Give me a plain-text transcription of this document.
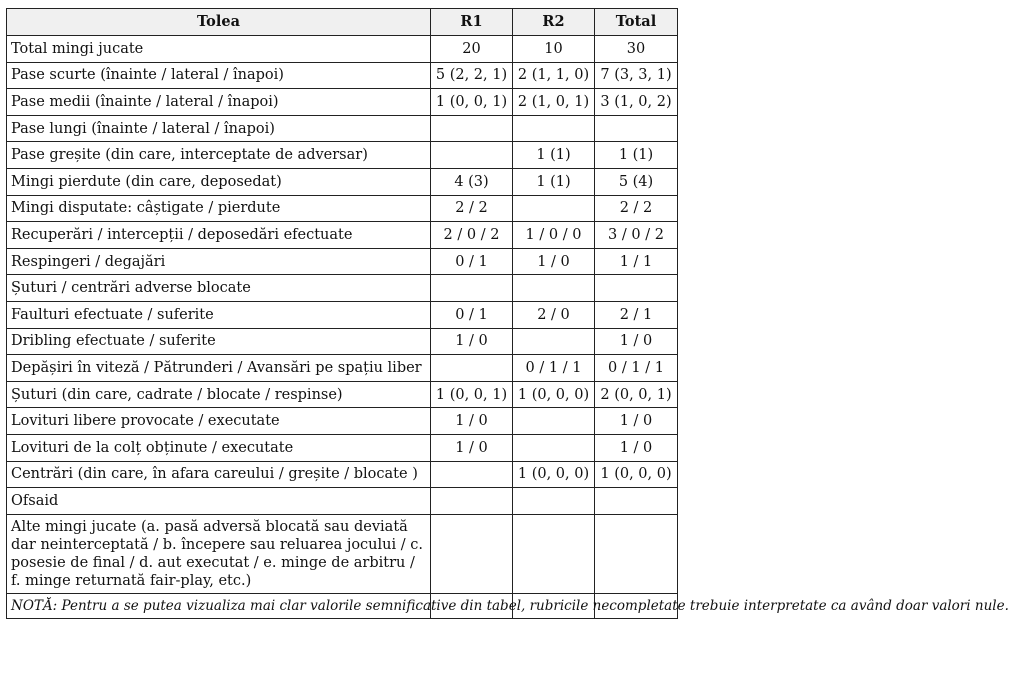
Tolea	R1	R2	Total
Total mingi jucate	20	10	30
Pase scurte (înainte / lateral / înapoi)	5 (2, 2, 1)	2 (1, 1, 0)	7 (3, 3, 1)
Pase medii (înainte / lateral / înapoi)	1 (0, 0, 1)	2 (1, 0, 1)	3 (1, 0, 2)
Pase lungi (înainte / lateral / înapoi)			
Pase greșite (din care, interceptate de adversar)		1 (1)	1 (1)
Mingi pierdute (din care, deposedat)	4 (3)	1 (1)	5 (4)
Mingi disputate: câștigate / pierdute	2 / 2		2 / 2
Recuperări / intercepții / deposedări efectuate	2 / 0 / 2	1 / 0 / 0	3 / 0 / 2
Respingeri / degajări	0 / 1	1 / 0	1 / 1
Șuturi / centrări adverse blocate			
Faulturi efectuate / suferite	0 / 1	2 / 0	2 / 1
Dribling efectuate / suferite	1 / 0		1 / 0
Depășiri în viteză / Pătrunderi / Avansări pe spațiu liber		0 / 1 / 1	0 / 1 / 1
Șuturi (din care, cadrate / blocate / respinse)	1 (0, 0, 1)	1 (0, 0, 0)	2 (0, 0, 1)
Lovituri libere provocate / executate	1 / 0		1 / 0
Lovituri de la colț obținute / executate	1 / 0		1 / 0
Centrări (din care, în afara careului / greșite / blocate )		1 (0, 0, 0)	1 (0, 0, 0)
Ofsaid			
Alte mingi jucate (a. pasă adversă blocată sau deviată dar neinterceptată / b. începere sau reluarea jocului / c. posesie de final / d. aut executat / e. minge de arbitru / f. minge returnată fair-play, etc.)			
NOTĂ: Pentru a se putea vizualiza mai clar valorile semnificative din tabel, rubricile necompletate trebuie interpretate ca având doar valori nule.			
